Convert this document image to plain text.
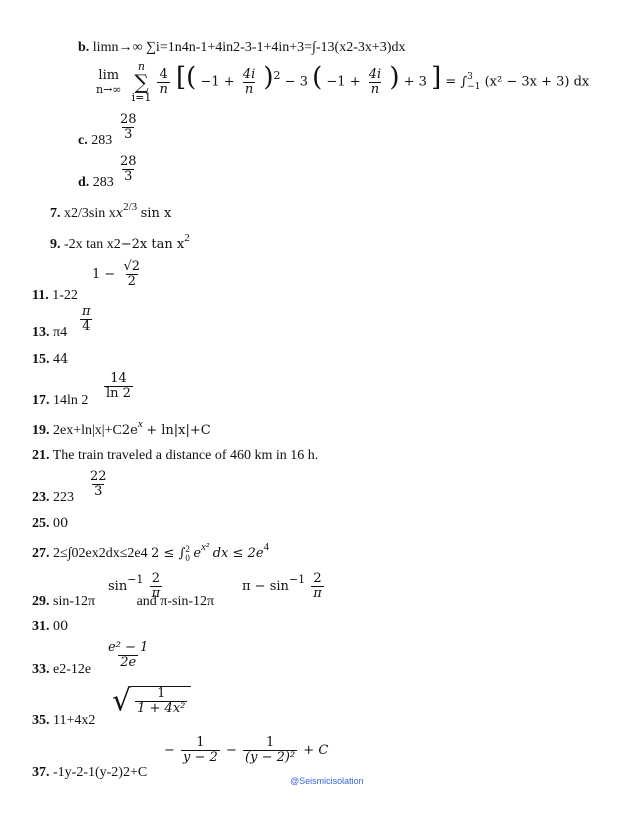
b. limn→∞ ∑i=1n4n-1+4in2-3-1+4in+3=∫-13(x2-3x+3)dx
lim
n→∞

n
∑
i=1

$\frac{4}{n}$ [( $-1 + \frac{4i}{n} )^2 - 3$ ( $-1 + \frac{4i}{n}$ ) + 3 ] = ∫ 3
−1 (x² − 3x + 3) dx
$\frac{28}{3}$
c. 283
$\frac{28}{3}$
d. 283
7. x2/3sin $xx^{2/3}$ sin x
9. -2x tan x2−2x $\tan x^2$
$1 - \frac{√2}{2}$
11. 1-22
$\frac{\pi}{4}$
13. π4
15. 44
$\frac{14}{\ln 2}$
17. 14ln 2
19. $2ex+\ln|x|+C2e^x + \ln|x|+C$
21. The train traveled a distance of 460 km in 16 h.
$\frac{22}{3}$
23. 223
25. 00
27. 2≤∫02ex2dx≤2e4 2 ≤ ∫ 2
0 $e^{x^2}$ dx ≤ $2e^4$
$\sin^{-1} \frac{2}{\pi}$	$\pi - \sin^{-1} \frac{2}{\pi}$
29. sin-12π	and π-sin-12π
31. 00
$\frac{\text{e² − 1}}{2e}$
33. e2-12e
√ $\frac{1}{\text{1 + 4x²}}$
35. 11+4x2
− $\frac{1}{y - 2} - \frac{1}{\text{(y − 2)²}} + C$
37. -1y-2-1(y-2)2+C
@Seismicisolation
